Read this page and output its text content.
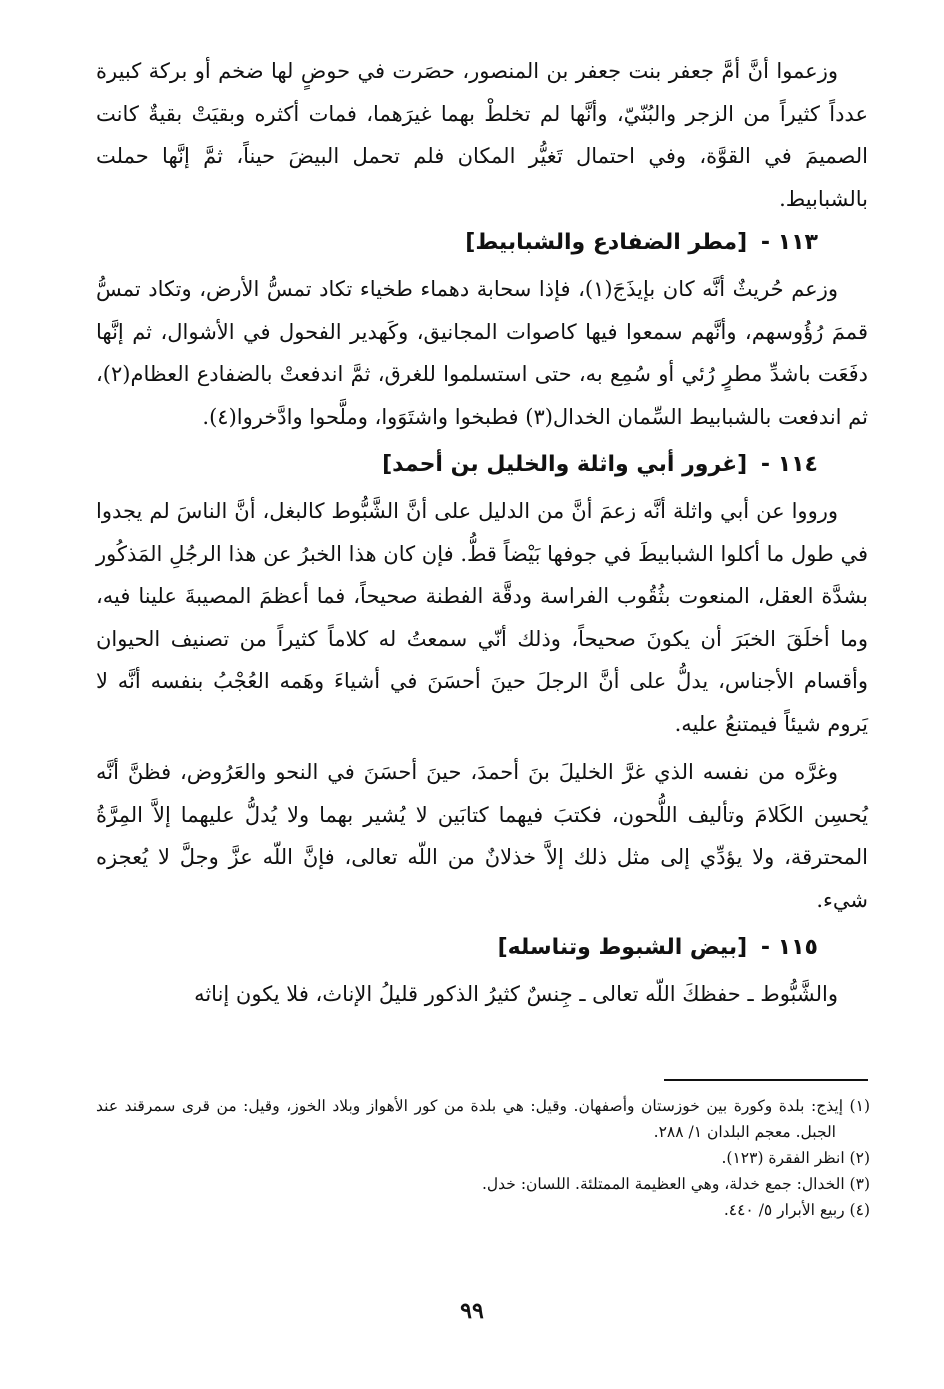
وزعموا أنَّ أمَّ جعفر بنت جعفر بن المنصور، حصَرت في حوضٍ لها ضخم أو بركة كبيرة عدداً كثيراً من الزجر والبُنّيّ، وأنَّها لم تخلطْ بهما غيرَهما، فمات أكثره وبقيَتْ بقيةٌ كانت الصميمَ في القوَّة، وفي احتمال تَغيُّر المكان فلم تحمل البيضَ حيناً، ثمَّ إنَّها حملت بالشبابيط.

١١٣ - [مطر الضفادع والشبابيط]

وزعم حُريثٌ أنَّه كان بإيذَجَ(١)، فإذا سحابة دهماء طخياء تكاد تمسُّ الأرض، وتكاد تمسُّ قممَ رُؤُوسهم، وأنَّهم سمعوا فيها كاصوات المجانيق، وكَهدير الفحول في الأشوال، ثم إنَّها دفَعَت باشدِّ مطرٍ رُئي أو سُمِع به، حتى استسلموا للغرق، ثمَّ اندفعتْ بالضفادع العظام(٢)، ثم اندفعت بالشبابيط السِّمان الخدال(٣) فطبخوا واشتَوَوا، وملَّحوا وادَّخروا(٤).

١١٤ - [غرور أبي واثلة والخليل بن أحمد]

ورووا عن أبي واثلة أنَّه زعمَ أنَّ من الدليل على أنَّ الشَّبُّوط كالبغل، أنَّ الناسَ لم يجدوا في طول ما أكلوا الشبابيطَ في جوفها بَيْضاً قطُّ. فإن كان هذا الخبرُ عن هذا الرجُلِ المَذكُور بشدَّة العقل، المنعوت بثُقُوب الفراسة ودقَّة الفطنة صحيحاً، فما أعظمَ المصيبةَ علينا فيه، وما أخلَقَ الخبَرَ أن يكونَ صحيحاً، وذلك أنّي سمعتُ له كلاماً كثيراً من تصنيف الحيوان وأقسام الأجناس، يدلُّ على أنَّ الرجلَ حينَ أحسَنَ في أشياءَ وهَمه العُجْبُ بنفسه أنَّه لا يَروم شيئاً فيمتنعُ عليه.

وغرَّه من نفسه الذي غرَّ الخليلَ بنَ أحمدَ، حينَ أحسَنَ في النحو والعَرُوض، فظنَّ أنَّه يُحسِن الكَلامَ وتأليف اللُّحون، فكتبَ فيهما كتابَين لا يُشير بهما ولا يُدلُّ عليهما إلاَّ المِرَّةُ المحترقة، ولا يؤدِّي إلى مثل ذلك إلاَّ خذلانٌ من اللّه تعالى، فإنَّ اللّه عزَّ وجلَّ لا يُعجزه شيء.

١١٥ - [بيض الشبوط وتناسله]

والشَّبُّوط ـ حفظكَ اللّه تعالى ـ جِنسٌ كثيرُ الذكور قليلُ الإناث، فلا يكون إناثه

(١) إيذج: بلدة وكورة بين خوزستان وأصفهان. وقيل: هي بلدة من كور الأهواز وبلاد الخوز، وقيل: من قرى سمرقند عند الجبل. معجم البلدان ١/ ٢٨٨.

(٢) انظر الفقرة (١٢٣).

(٣) الخدال: جمع خدلة، وهي العظيمة الممتلئة. اللسان: خدل.

(٤) ربيع الأبرار ٥/ ٤٤٠.

٩٩
